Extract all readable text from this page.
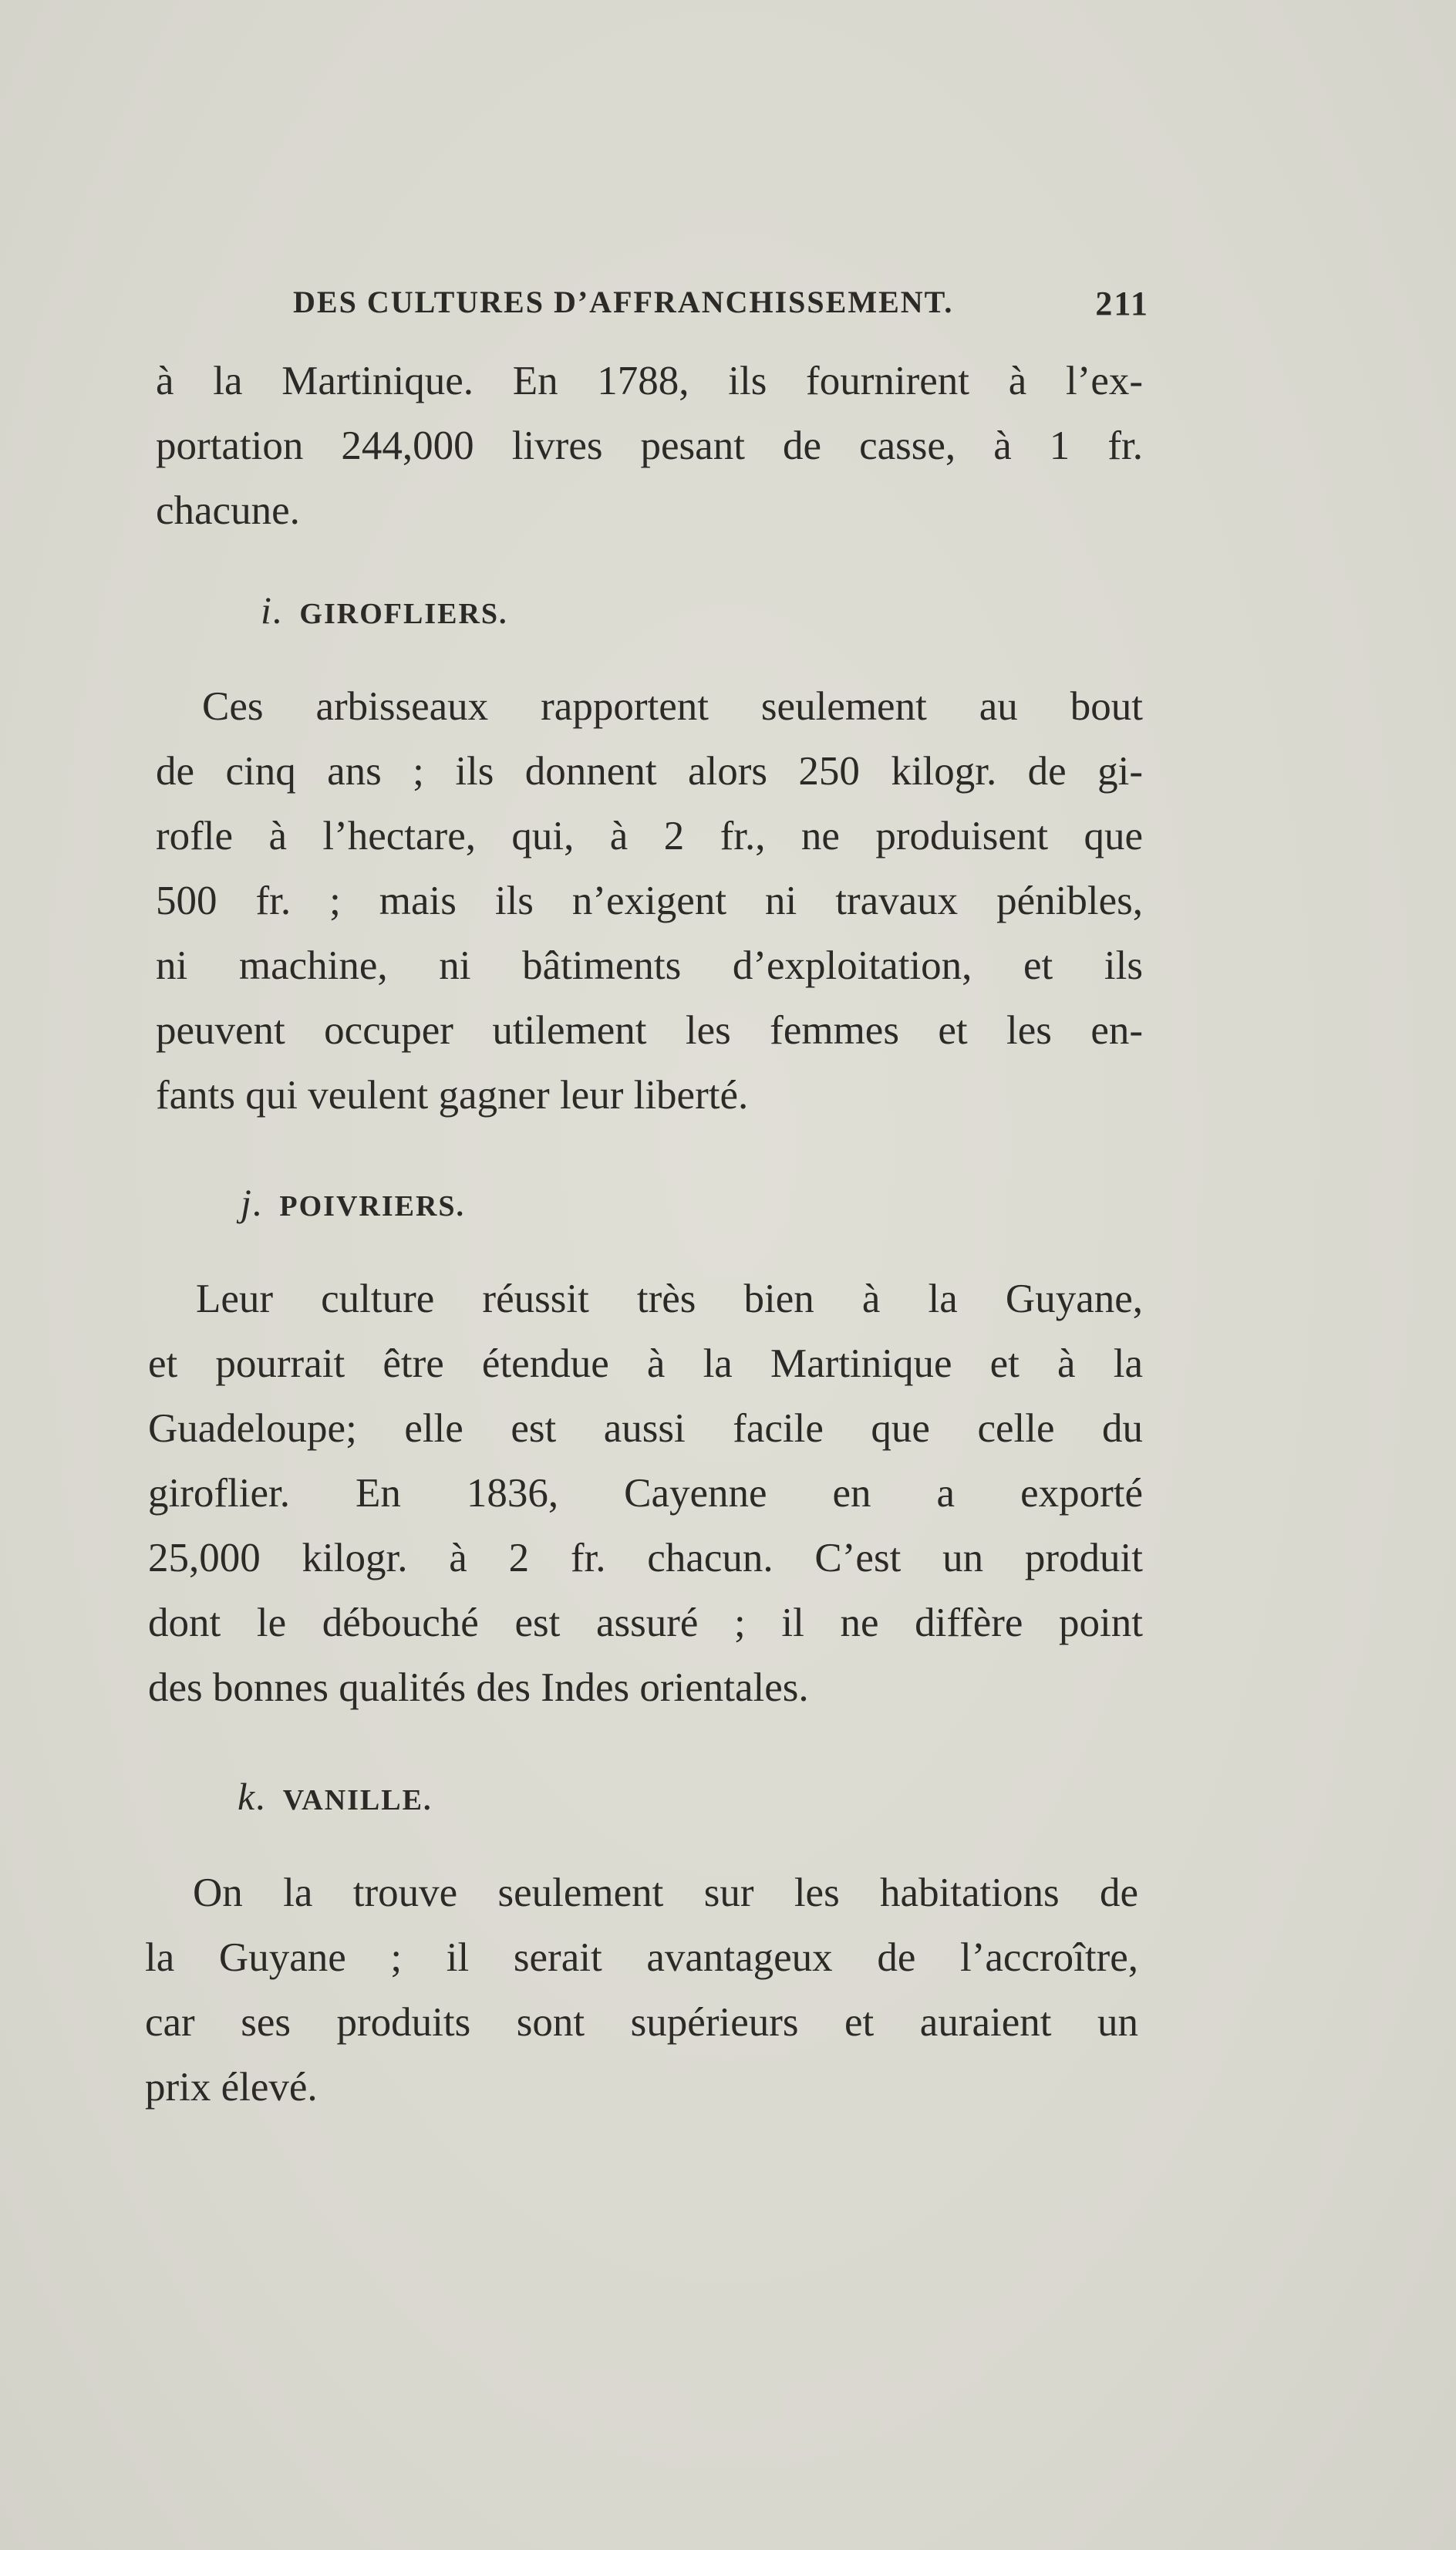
DES CULTURES D’AFFRANCHISSEMENT.	211
à la Martinique. En 1788, ils fournirent à l’ex-
portation 244,000 livres pesant de casse, à 1 fr.
chacune.
i. GIROFLIERS.
Ces arbisseaux rapportent seulement au bout
de cinq ans ; ils donnent alors 250 kilogr. de gi-
rofle à l’hectare, qui, à 2 fr., ne produisent que
500 fr. ; mais ils n’exigent ni travaux pénibles,
ni machine, ni bâtiments d’exploitation, et ils
peuvent occuper utilement les femmes et les en-
fants qui veulent gagner leur liberté.
j. POIVRIERS.
Leur culture réussit très bien à la Guyane,
et pourrait être étendue à la Martinique et à la
Guadeloupe; elle est aussi facile que celle du
giroflier. En 1836, Cayenne en a exporté
25,000 kilogr. à 2 fr. chacun. C’est un produit
dont le débouché est assuré ; il ne diffère point
des bonnes qualités des Indes orientales.
k. VANILLE.
On la trouve seulement sur les habitations de
la Guyane ; il serait avantageux de l’accroître,
car ses produits sont supérieurs et auraient un
prix élevé.
